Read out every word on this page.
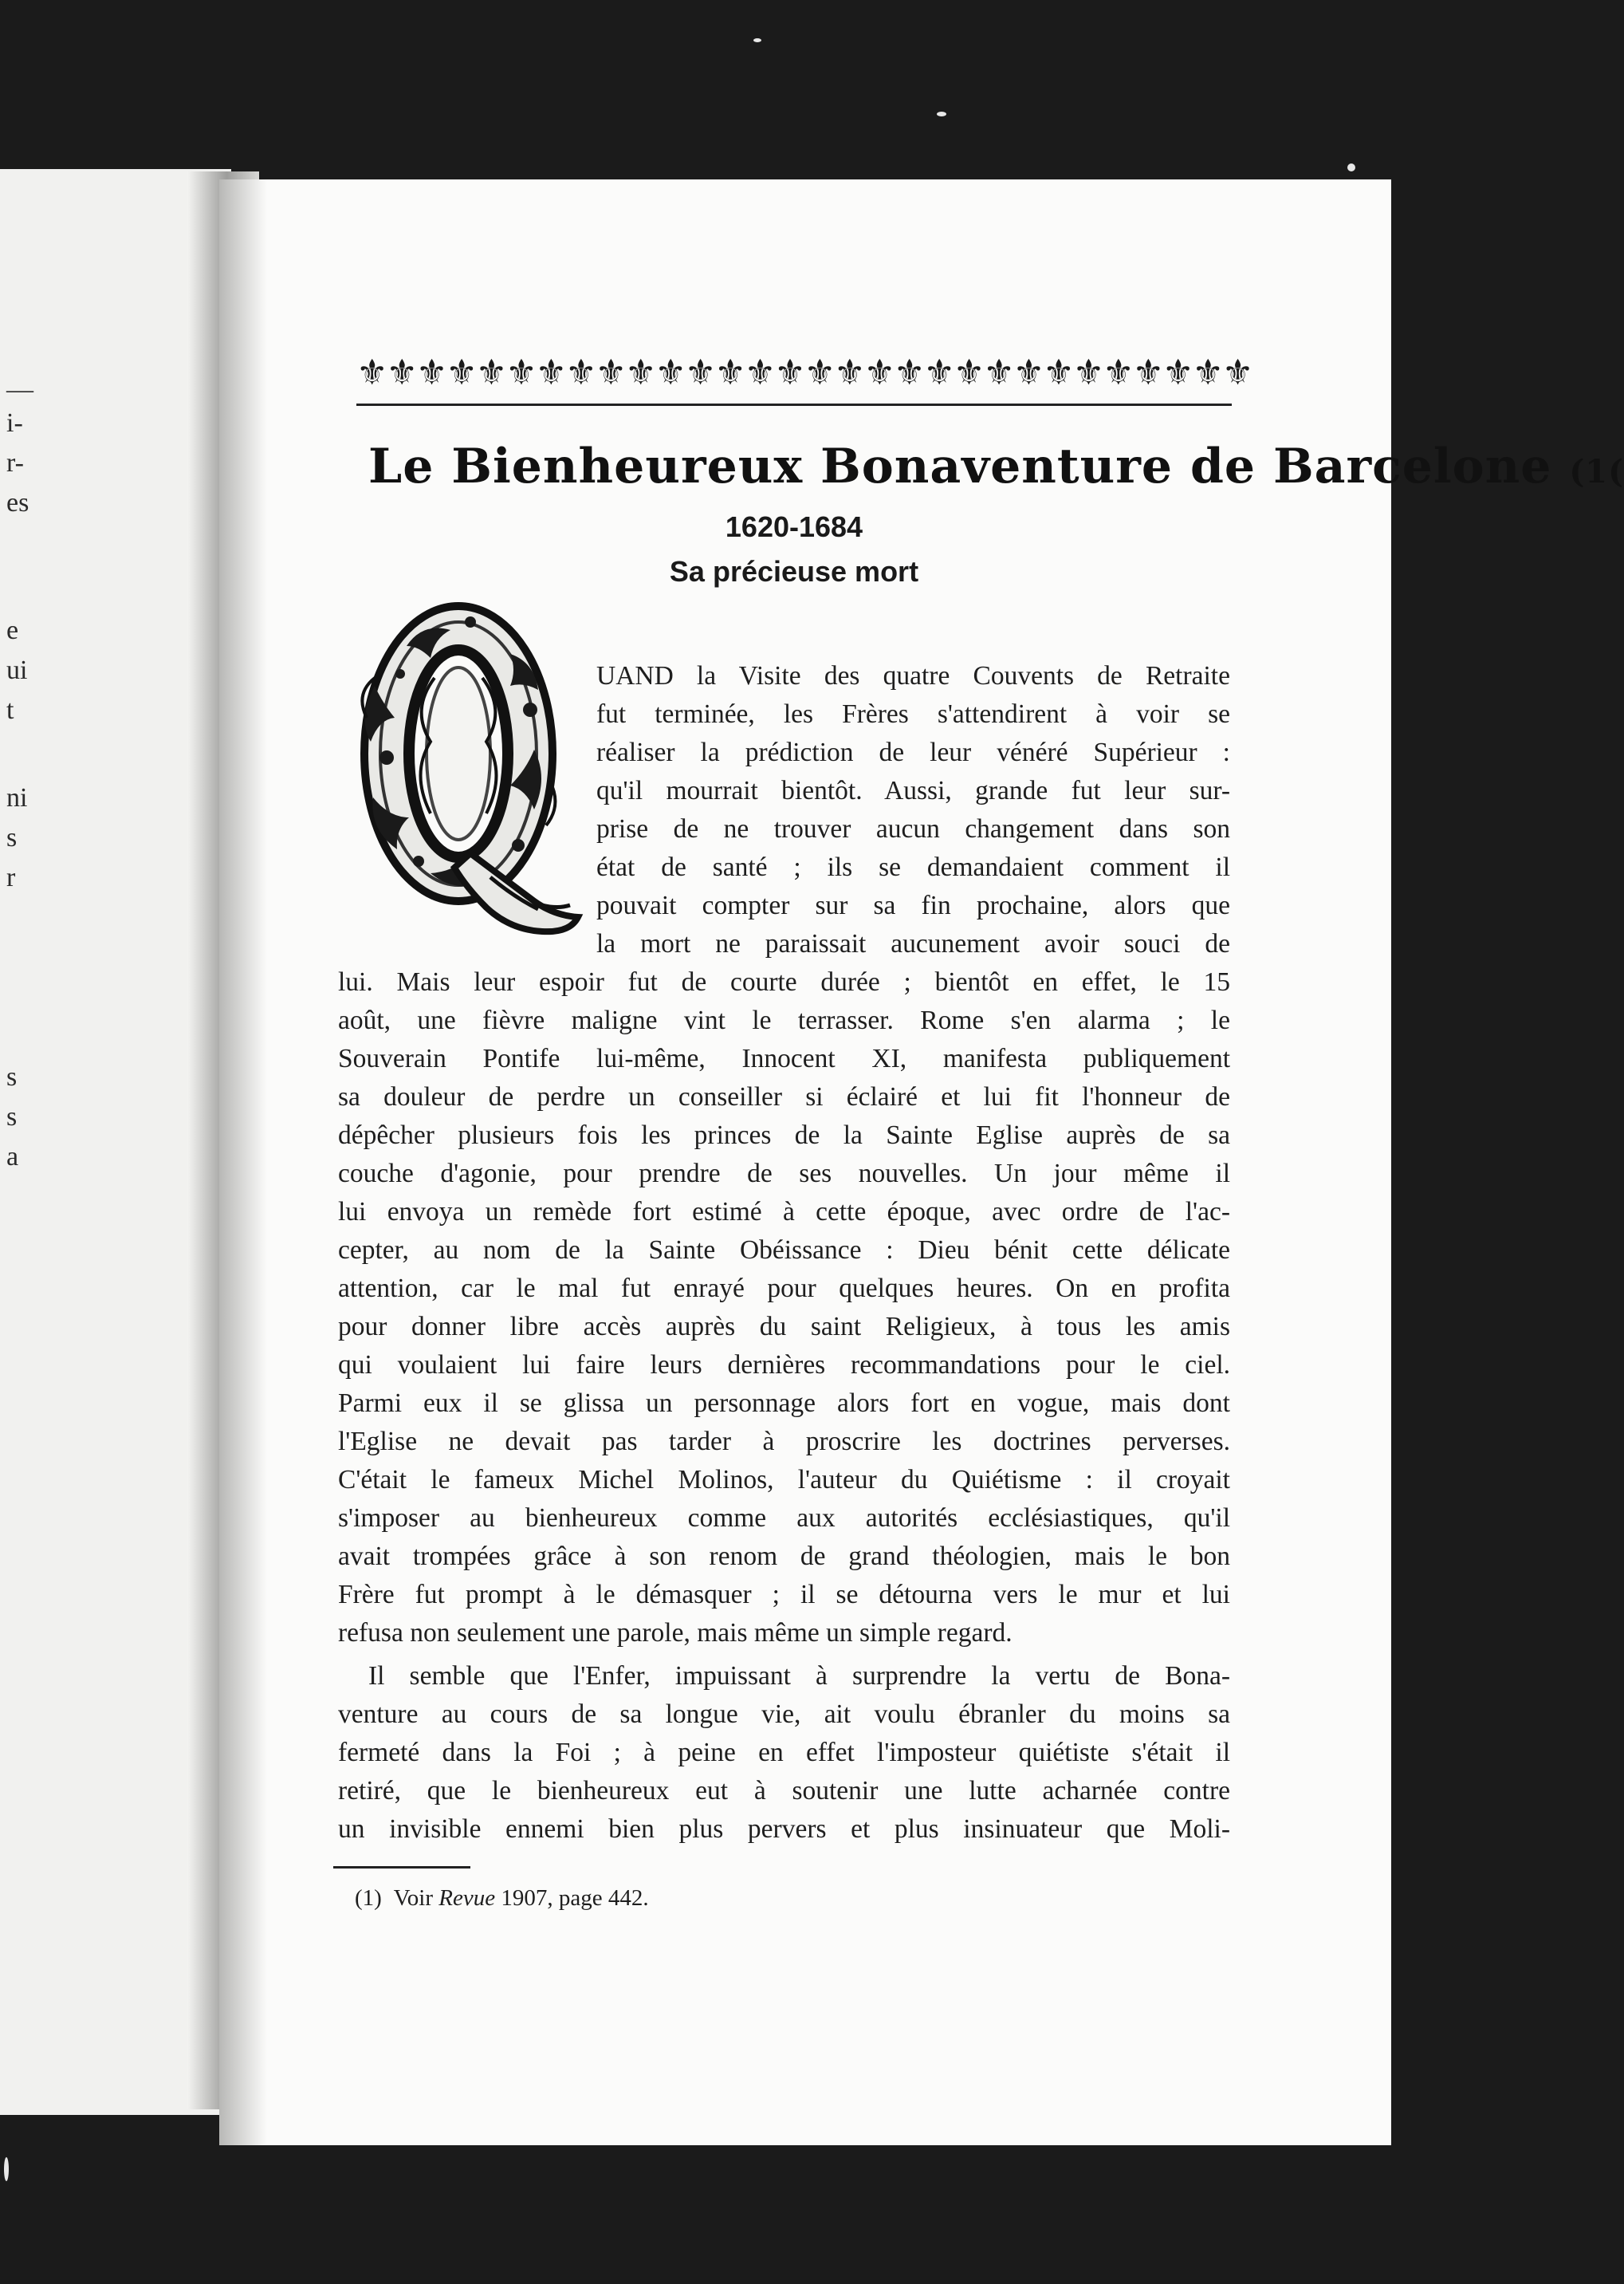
—
i-
r-
es
e
ui
t
ni
s
r
s
s
a
⚜⚜⚜⚜⚜⚜⚜⚜⚜⚜⚜⚜⚜⚜⚜⚜⚜⚜⚜⚜⚜⚜⚜⚜⚜⚜⚜⚜⚜⚜
Le Bienheureux Bonaventure de Barcelone (1(
1620-1684
Sa précieuse mort
UAND la Visite des quatre Couvents de Retraite
fut terminée, les Frères s'attendirent à voir se
réaliser la prédiction de leur vénéré Supérieur :
qu'il mourrait bientôt. Aussi, grande fut leur sur-
prise de ne trouver aucun changement dans son
état de santé ; ils se demandaient comment il
pouvait compter sur sa fin prochaine, alors que
la mort ne paraissait aucunement avoir souci de
lui. Mais leur espoir fut de courte durée ; bientôt en effet, le 15
août, une fièvre maligne vint le terrasser. Rome s'en alarma ; le
Souverain Pontife lui-même, Innocent XI, manifesta publiquement
sa douleur de perdre un conseiller si éclairé et lui fit l'honneur de
dépêcher plusieurs fois les princes de la Sainte Eglise auprès de sa
couche d'agonie, pour prendre de ses nouvelles. Un jour même il
lui envoya un remède fort estimé à cette époque, avec ordre de l'ac-
cepter, au nom de la Sainte Obéissance : Dieu bénit cette délicate
attention, car le mal fut enrayé pour quelques heures. On en profita
pour donner libre accès auprès du saint Religieux, à tous les amis
qui voulaient lui faire leurs dernières recommandations pour le ciel.
Parmi eux il se glissa un personnage alors fort en vogue, mais dont
l'Eglise ne devait pas tarder à proscrire les doctrines perverses.
C'était le fameux Michel Molinos, l'auteur du Quiétisme : il croyait
s'imposer au bienheureux comme aux autorités ecclésiastiques, qu'il
avait trompées grâce à son renom de grand théologien, mais le bon
Frère fut prompt à le démasquer ; il se détourna vers le mur et lui
refusa non seulement une parole, mais même un simple regard.
Il semble que l'Enfer, impuissant à surprendre la vertu de Bona-
venture au cours de sa longue vie, ait voulu ébranler du moins sa
fermeté dans la Foi ; à peine en effet l'imposteur quiétiste s'était il
retiré, que le bienheureux eut à soutenir une lutte acharnée contre
un invisible ennemi bien plus pervers et plus insinuateur que Moli-
(1) Voir Revue 1907, page 442.
